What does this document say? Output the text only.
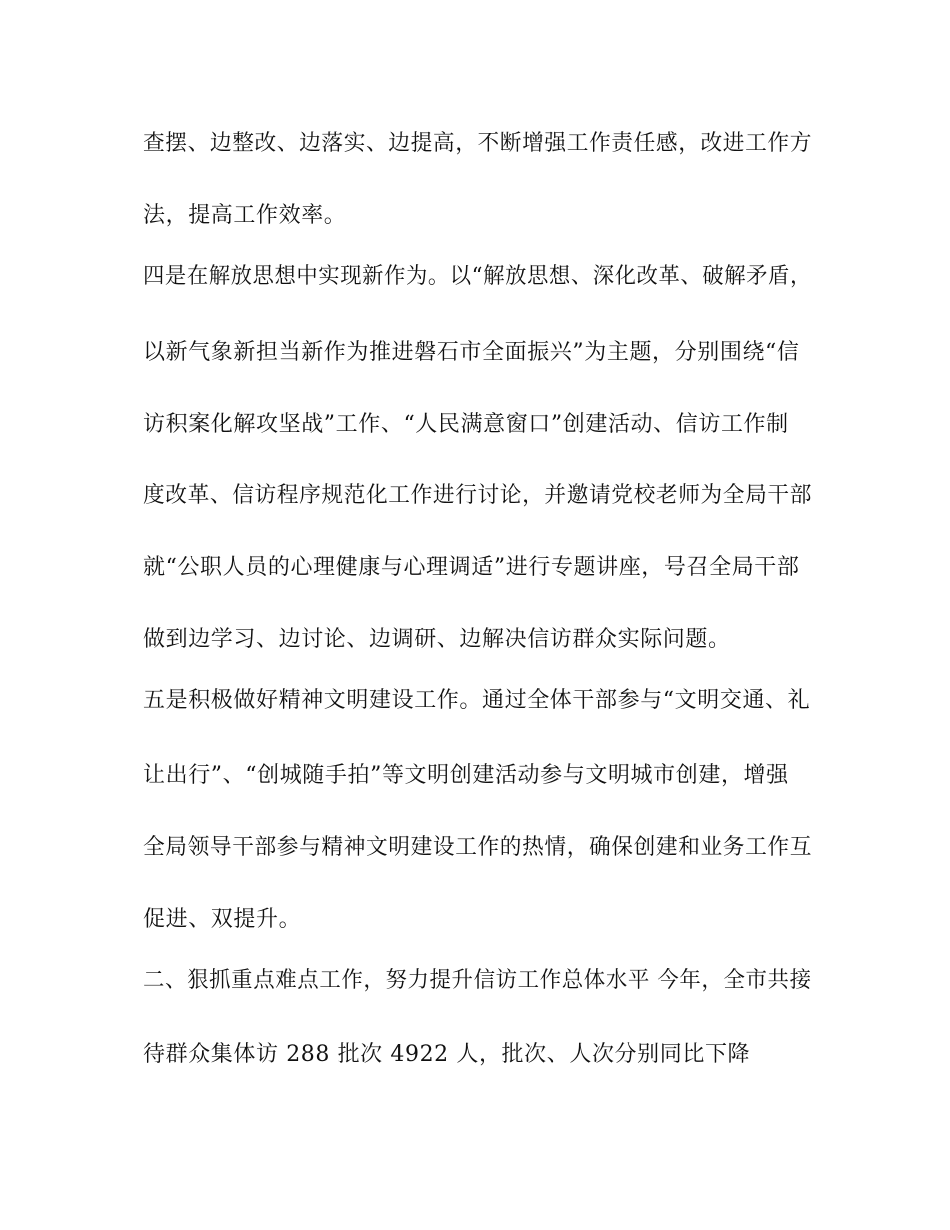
查摆、边整改、边落实、边提高，不断增强工作责任感，改进工作方
法，提高工作效率。
四是在解放思想中实现新作为。以“解放思想、深化改革、破解矛盾，
以新气象新担当新作为推进磐石市全面振兴”为主题，分别围绕“信
访积案化解攻坚战”工作、“人民满意窗口”创建活动、信访工作制
度改革、信访程序规范化工作进行讨论，并邀请党校老师为全局干部
就“公职人员的心理健康与心理调适”进行专题讲座，号召全局干部
做到边学习、边讨论、边调研、边解决信访群众实际问题。
五是积极做好精神文明建设工作。通过全体干部参与“文明交通、礼
让出行”、“创城随手拍”等文明创建活动参与文明城市创建，增强
全局领导干部参与精神文明建设工作的热情，确保创建和业务工作互
促进、双提升。
二、狠抓重点难点工作，努力提升信访工作总体水平 今年，全市共接
待群众集体访 288 批次 4922 人，批次、人次分别同比下降
